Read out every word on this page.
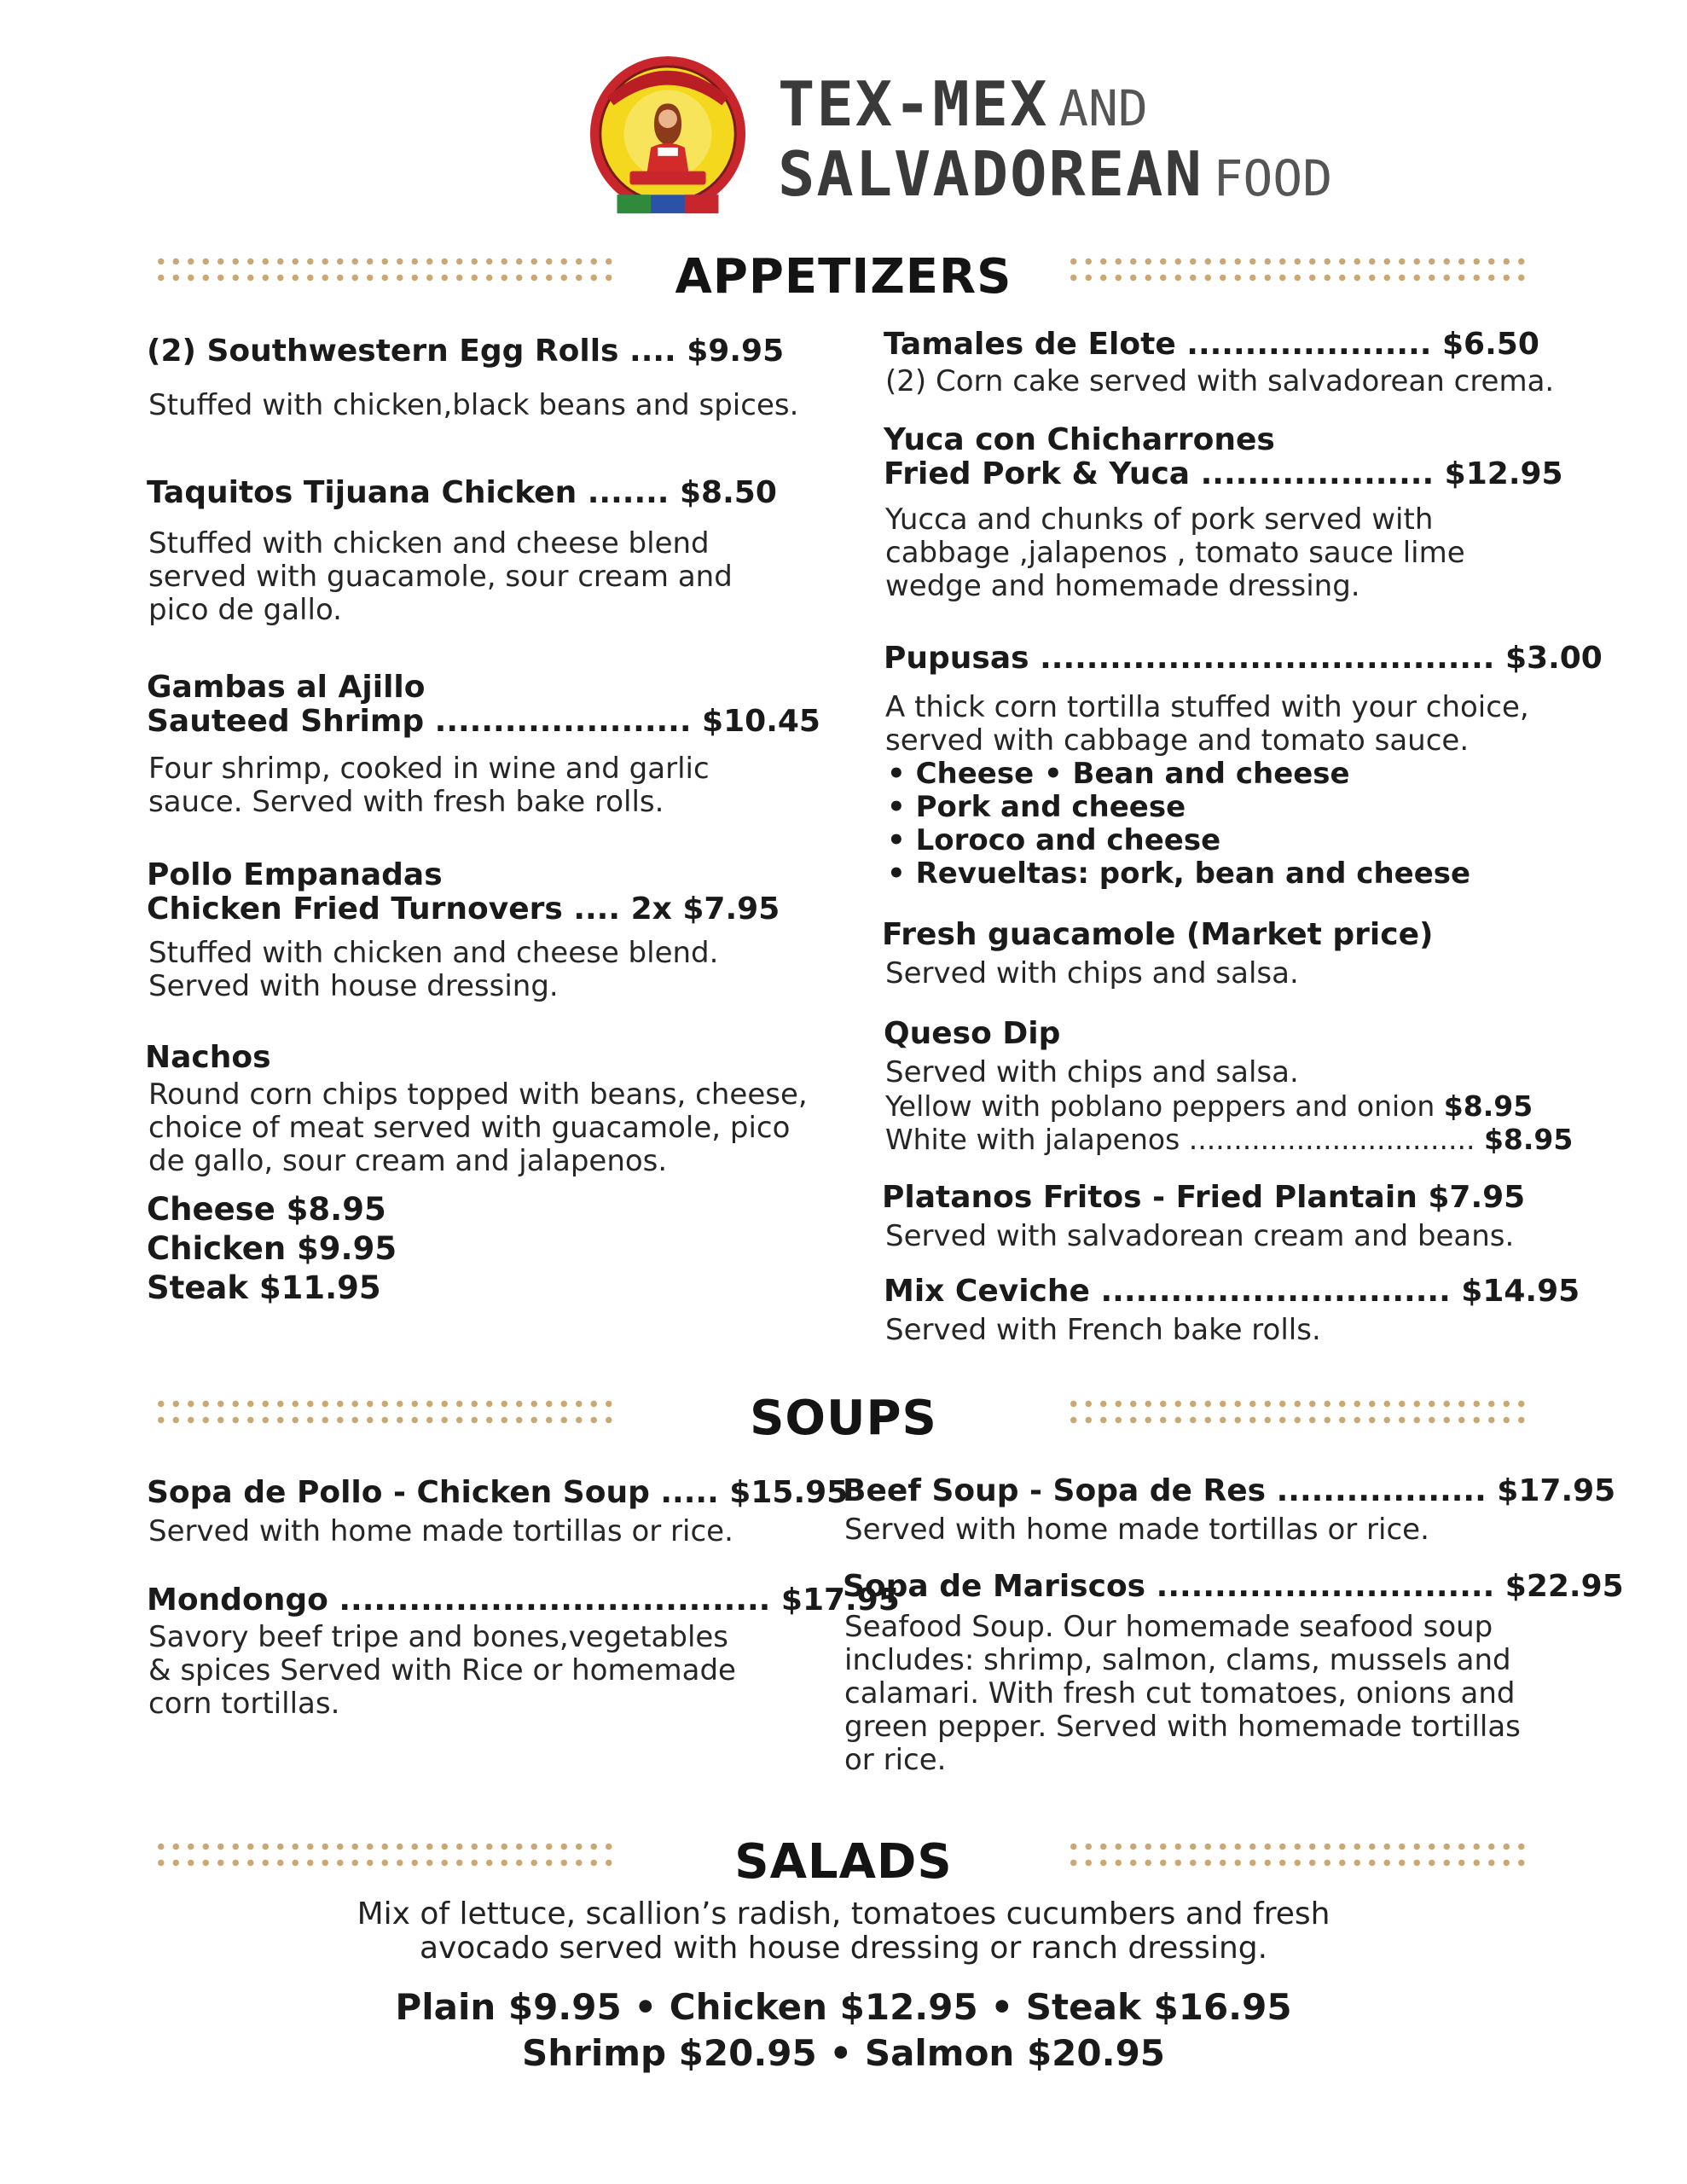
TEX-MEX AND
SALVADOREAN FOOD
APPETIZERS
(2) Southwestern Egg Rolls .... $9.95
Stuffed with chicken,black beans and spices.
Taquitos Tijuana Chicken ....... $8.50
Stuffed with chicken and cheese blend
served with guacamole, sour cream and
pico de gallo.
Gambas al Ajillo
Sauteed Shrimp ...................... $10.45
Four shrimp, cooked in wine and garlic
sauce. Served with fresh bake rolls.
Pollo Empanadas
Chicken Fried Turnovers .... 2x $7.95
Stuffed with chicken and cheese blend.
Served with house dressing.
Nachos
Round corn chips topped with beans, cheese,
choice of meat served with guacamole, pico
de gallo, sour cream and jalapenos.
Cheese $8.95
Chicken $9.95
Steak $11.95
Tamales de Elote ..................... $6.50
(2) Corn cake served with salvadorean crema.
Yuca con Chicharrones
Fried Pork & Yuca .................... $12.95
Yucca and chunks of pork served with
cabbage ,jalapenos , tomato sauce lime
wedge and homemade dressing.
Pupusas ....................................... $3.00
A thick corn tortilla stuffed with your choice,
served with cabbage and tomato sauce.
• Cheese • Bean and cheese
• Pork and cheese
• Loroco and cheese
• Revueltas: pork, bean and cheese
Fresh guacamole (Market price)
Served with chips and salsa.
Queso Dip
Served with chips and salsa.
Yellow with poblano peppers and onion $8.95
White with jalapenos ................................ $8.95
Platanos Fritos - Fried Plantain $7.95
Served with salvadorean cream and beans.
Mix Ceviche .............................. $14.95
Served with French bake rolls.
SOUPS
Sopa de Pollo - Chicken Soup ..... $15.95
Served with home made tortillas or rice.
Mondongo ..................................... $17.95
Savory beef tripe and bones,vegetables
& spices Served with Rice or homemade
corn tortillas.
Beef Soup - Sopa de Res .................. $17.95
Served with home made tortillas or rice.
Sopa de Mariscos ............................. $22.95
Seafood Soup. Our homemade seafood soup
includes: shrimp, salmon, clams, mussels and
calamari. With fresh cut tomatoes, onions and
green pepper. Served with homemade tortillas
or rice.
SALADS
Mix of lettuce, scallion’s radish, tomatoes cucumbers and fresh
avocado served with house dressing or ranch dressing.
Plain $9.95 • Chicken $12.95 • Steak $16.95
Shrimp $20.95 • Salmon $20.95
